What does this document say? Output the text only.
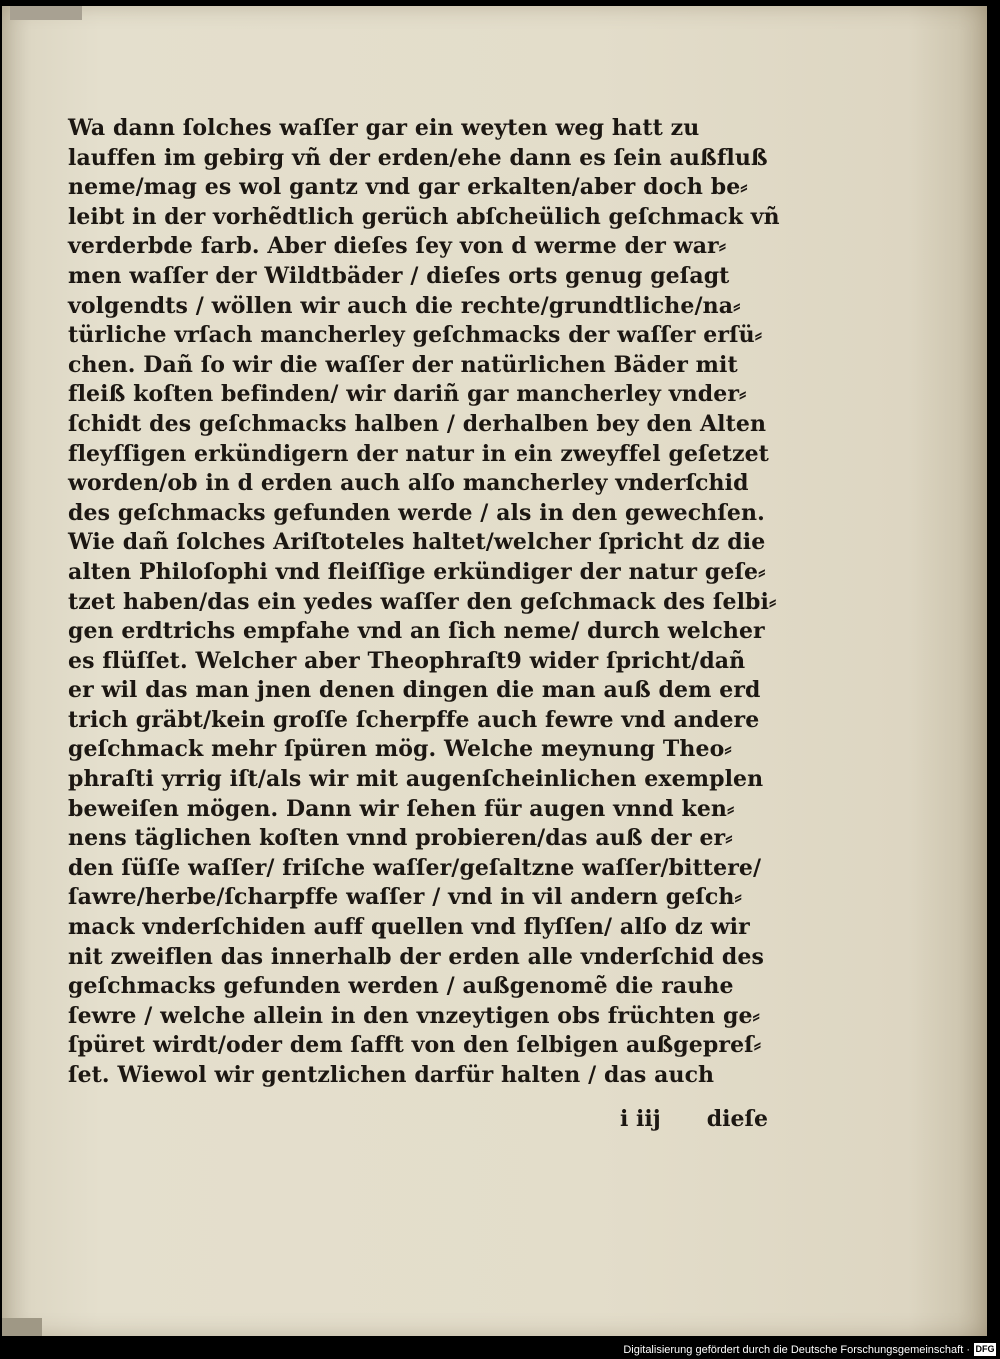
Wa dann ſolches waſſer gar ein weyten weg hatt zu
lauffen im gebirg vñ der erden/ehe dann es ſein außfluß
neme/mag es wol gantz vnd gar erkalten/aber doch be⸗
leibt in der vorhẽdtlich gerüch abſcheülich geſchmack vñ
verderbde farb. Aber dieſes ſey von d werme der war⸗
men waſſer der Wildtbäder / dieſes orts genug geſagt
volgendts / wöllen wir auch die rechte/grundtliche/na⸗
türliche vrſach mancherley geſchmacks der waſſer erſü⸗
chen. Dañ ſo wir die waſſer der natürlichen Bäder mit
fleiß koſten befinden/ wir dariñ gar mancherley vnder⸗
ſchidt des geſchmacks halben / derhalben bey den Alten
fleyſſigen erkündigern der natur in ein zweyffel geſetzet
worden/ob in d erden auch alſo mancherley vnderſchid
des geſchmacks gefunden werde / als in den gewechſen.
Wie dañ ſolches Ariſtoteles haltet/welcher ſpricht dz die
alten Philoſophi vnd fleiſſige erkündiger der natur geſe⸗
tzet haben/das ein yedes waſſer den geſchmack des ſelbi⸗
gen erdtrichs empfahe vnd an ſich neme/ durch welcher
es flüſſet. Welcher aber Theophraſt9 wider ſpricht/dañ
er wil das man jnen denen dingen die man auß dem erd
trich gräbt/kein groſſe ſcherpffe auch fewre vnd andere
geſchmack mehr ſpüren mög. Welche meynung Theo⸗
phraſti yrrig iſt/als wir mit augenſcheinlichen exemplen
beweiſen mögen. Dann wir ſehen für augen vnnd ken⸗
nens täglichen koſten vnnd probieren/das auß der er⸗
den ſüſſe waſſer/ friſche waſſer/geſaltzne waſſer/bittere/
ſawre/herbe/ſcharpffe waſſer / vnd in vil andern geſch⸗
mack vnderſchiden auff quellen vnd flyſſen/ alſo dz wir
nit zweiflen das innerhalb der erden alle vnderſchid des
geſchmacks gefunden werden / außgenomẽ die rauhe
ſewre / welche allein in den vnzeytigen obs früchten ge⸗
ſpüret wirdt/oder dem ſafft von den ſelbigen außgepreſ⸗
ſet. Wiewol wir gentzlichen darfür halten / das auch
i iij dieſe
Digitalisierung gefördert durch die Deutsche Forschungsgemeinschaft · DFG
